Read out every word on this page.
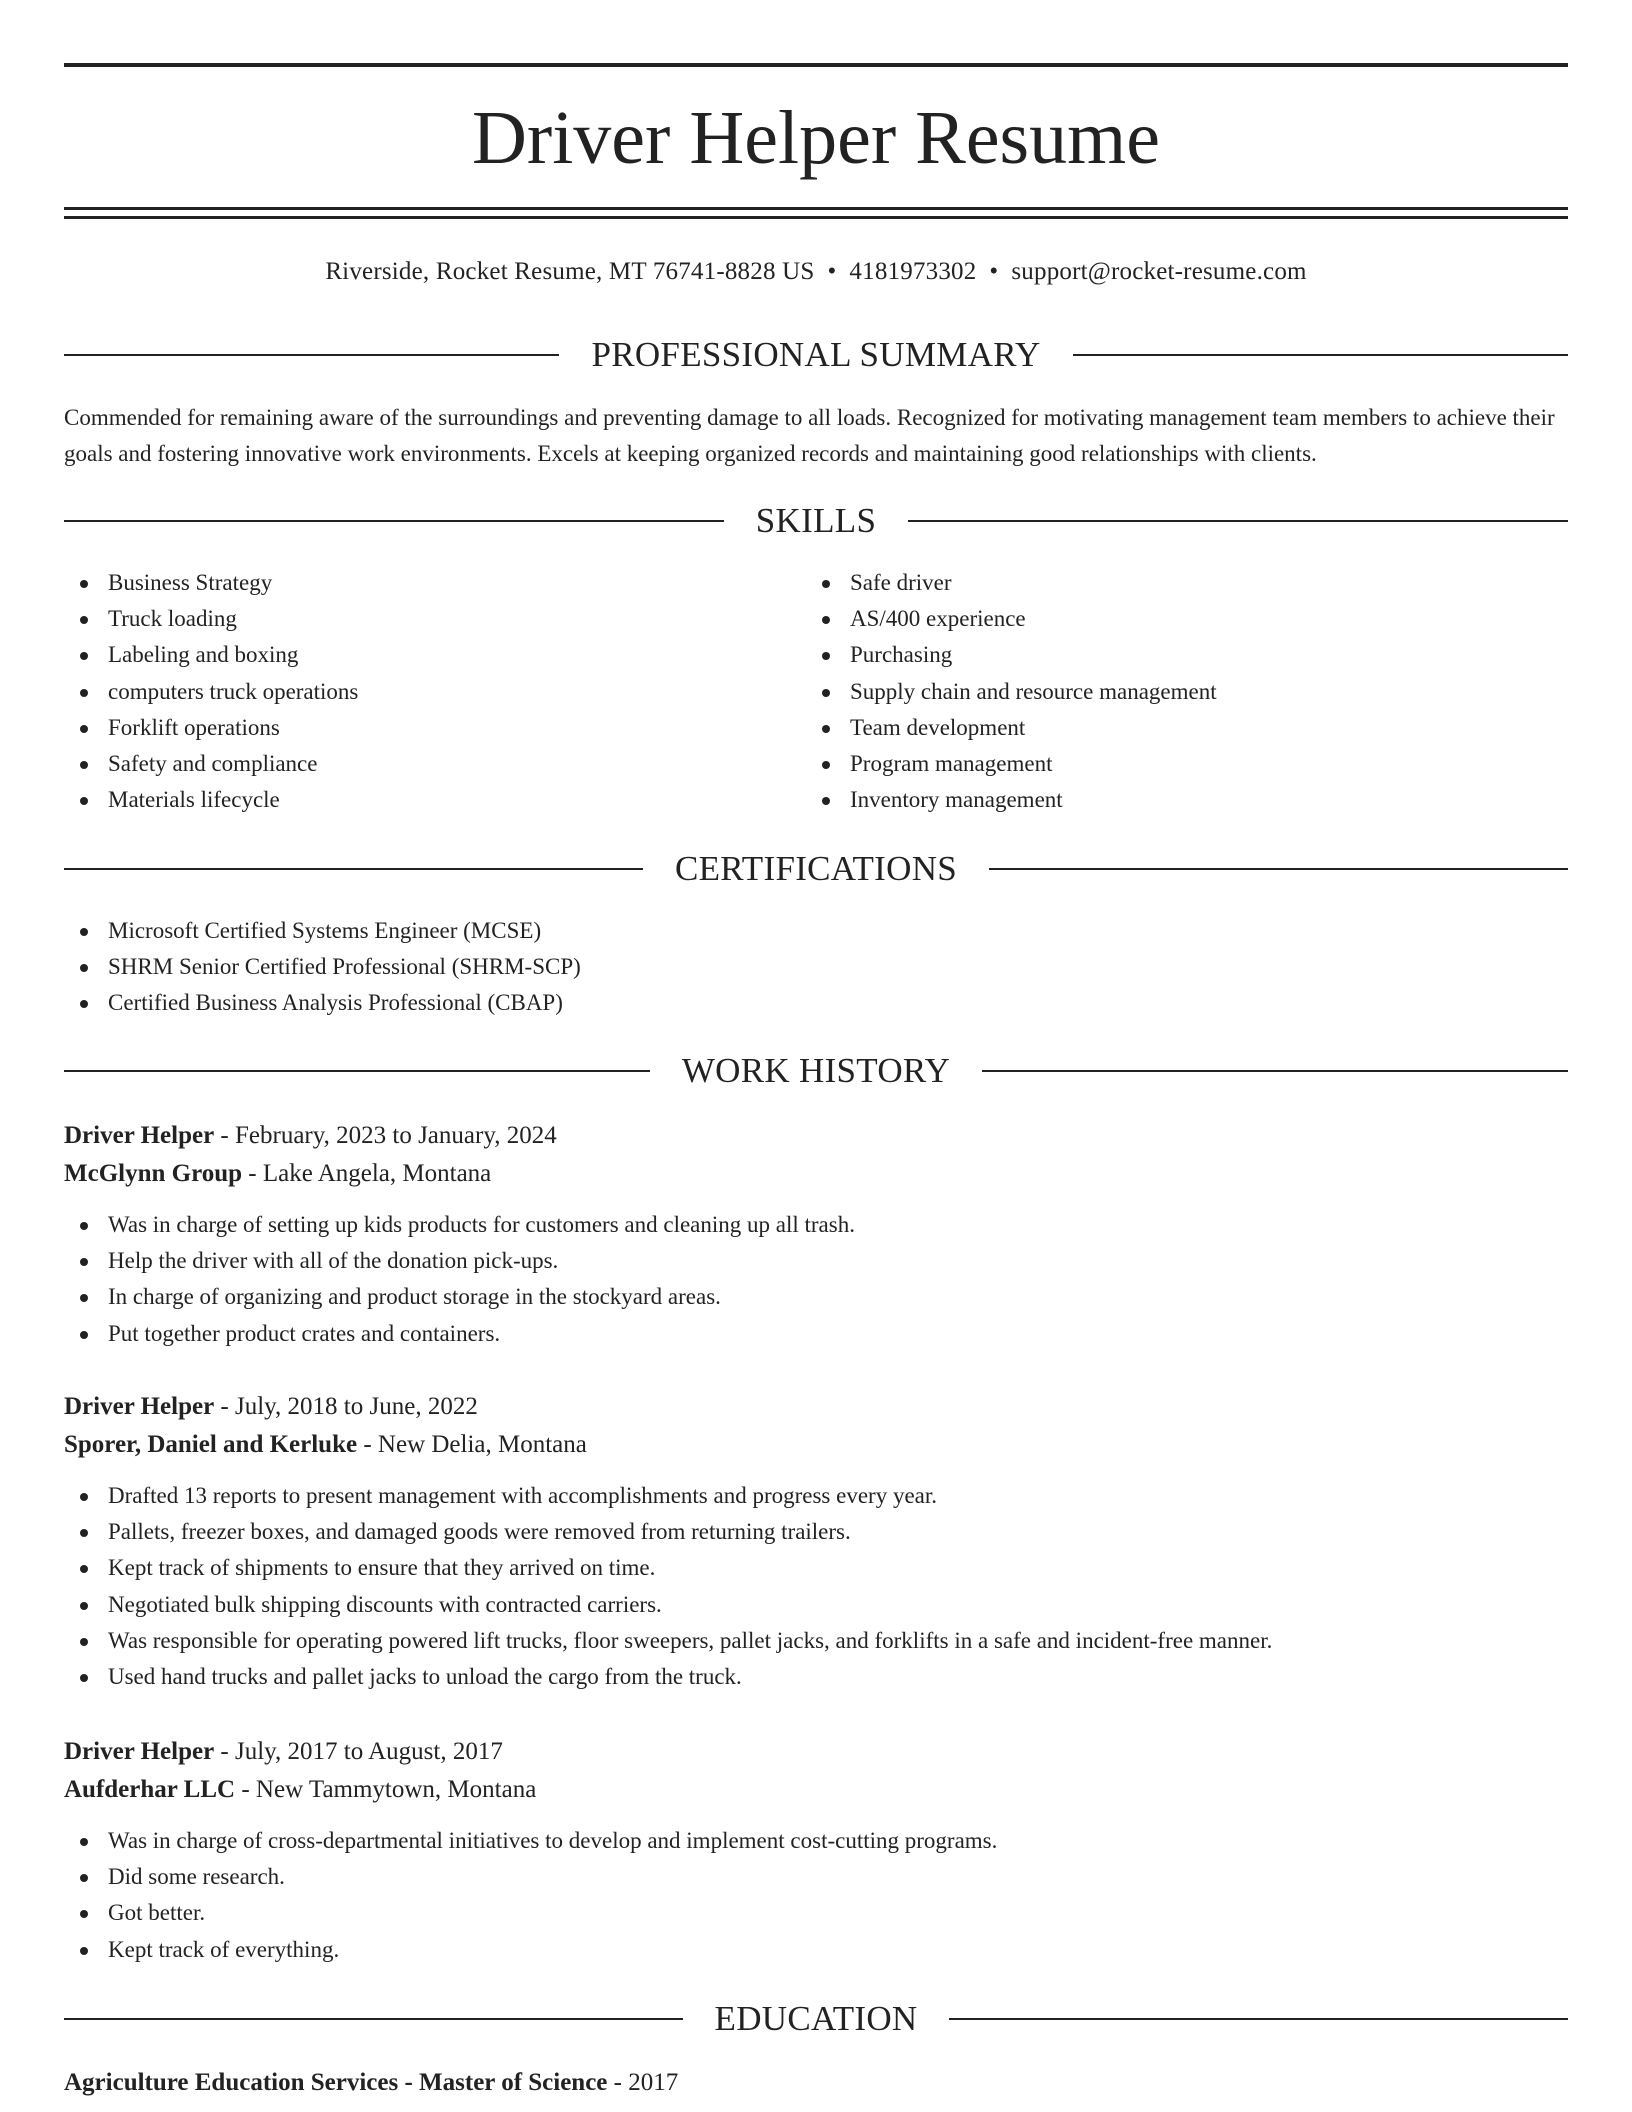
Driver Helper Resume
Riverside, Rocket Resume, MT 76741-8828 US • 4181973302 • support@rocket-resume.com
PROFESSIONAL SUMMARY

Commended for remaining aware of the surroundings and preventing damage to all loads. Recognized for motivating management team members to achieve their goals and fostering innovative work environments. Excels at keeping organized records and maintaining good relationships with clients.

SKILLS
Business Strategy
Truck loading
Labeling and boxing
computers truck operations
Forklift operations
Safety and compliance
Materials lifecycle
Safe driver
AS/400 experience
Purchasing
Supply chain and resource management
Team development
Program management
Inventory management
CERTIFICATIONS
Microsoft Certified Systems Engineer (MCSE)
SHRM Senior Certified Professional (SHRM-SCP)
Certified Business Analysis Professional (CBAP)
WORK HISTORY
Driver Helper - February, 2023 to January, 2024
McGlynn Group - Lake Angela, Montana
Was in charge of setting up kids products for customers and cleaning up all trash.
Help the driver with all of the donation pick-ups.
In charge of organizing and product storage in the stockyard areas.
Put together product crates and containers.
Driver Helper - July, 2018 to June, 2022
Sporer, Daniel and Kerluke - New Delia, Montana
Drafted 13 reports to present management with accomplishments and progress every year.
Pallets, freezer boxes, and damaged goods were removed from returning trailers.
Kept track of shipments to ensure that they arrived on time.
Negotiated bulk shipping discounts with contracted carriers.
Was responsible for operating powered lift trucks, floor sweepers, pallet jacks, and forklifts in a safe and incident-free manner.
Used hand trucks and pallet jacks to unload the cargo from the truck.
Driver Helper - July, 2017 to August, 2017
Aufderhar LLC - New Tammytown, Montana
Was in charge of cross-departmental initiatives to develop and implement cost-cutting programs.
Did some research.
Got better.
Kept track of everything.
EDUCATION
Agriculture Education Services - Master of Science - 2017
